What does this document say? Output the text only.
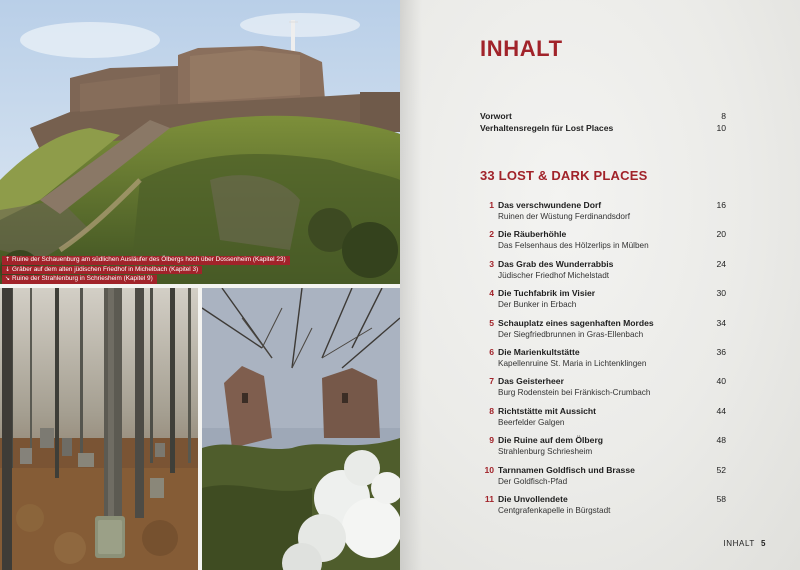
↑ Ruine der Schauenburg am südlichen Ausläufer des Ölbergs hoch über Dossenheim (Kapitel 23)
↓ Gräber auf dem alten jüdischen Friedhof in Michelbach (Kapitel 3)
↘ Ruine der Strahlenburg in Schriesheim (Kapitel 9)
INHALT
Vorwort	8
Verhaltensregeln für Lost Places	10
33 LOST & DARK PLACES
1 Das verschwundene Dorf
Ruinen der Wüstung Ferdinandsdorf
16
2 Die Räuberhöhle
Das Felsenhaus des Hölzerlips in Mülben
20
3 Das Grab des Wunderrabbis
Jüdischer Friedhof Michelstadt
24
4 Die Tuchfabrik im Visier
Der Bunker in Erbach
30
5 Schauplatz eines sagenhaften Mordes
Der Siegfriedbrunnen in Gras-Ellenbach
34
6 Die Marienkultstätte
Kapellenruine St. Maria in Lichtenklingen
36
7 Das Geisterheer
Burg Rodenstein bei Fränkisch-Crumbach
40
8 Richtstätte mit Aussicht
Beerfelder Galgen
44
9 Die Ruine auf dem Ölberg
Strahlenburg Schriesheim
48
10 Tarnnamen Goldfisch und Brasse
Der Goldfisch-Pfad
52
11 Die Unvollendete
Centgrafenkapelle in Bürgstadt
58
INHALT 5
